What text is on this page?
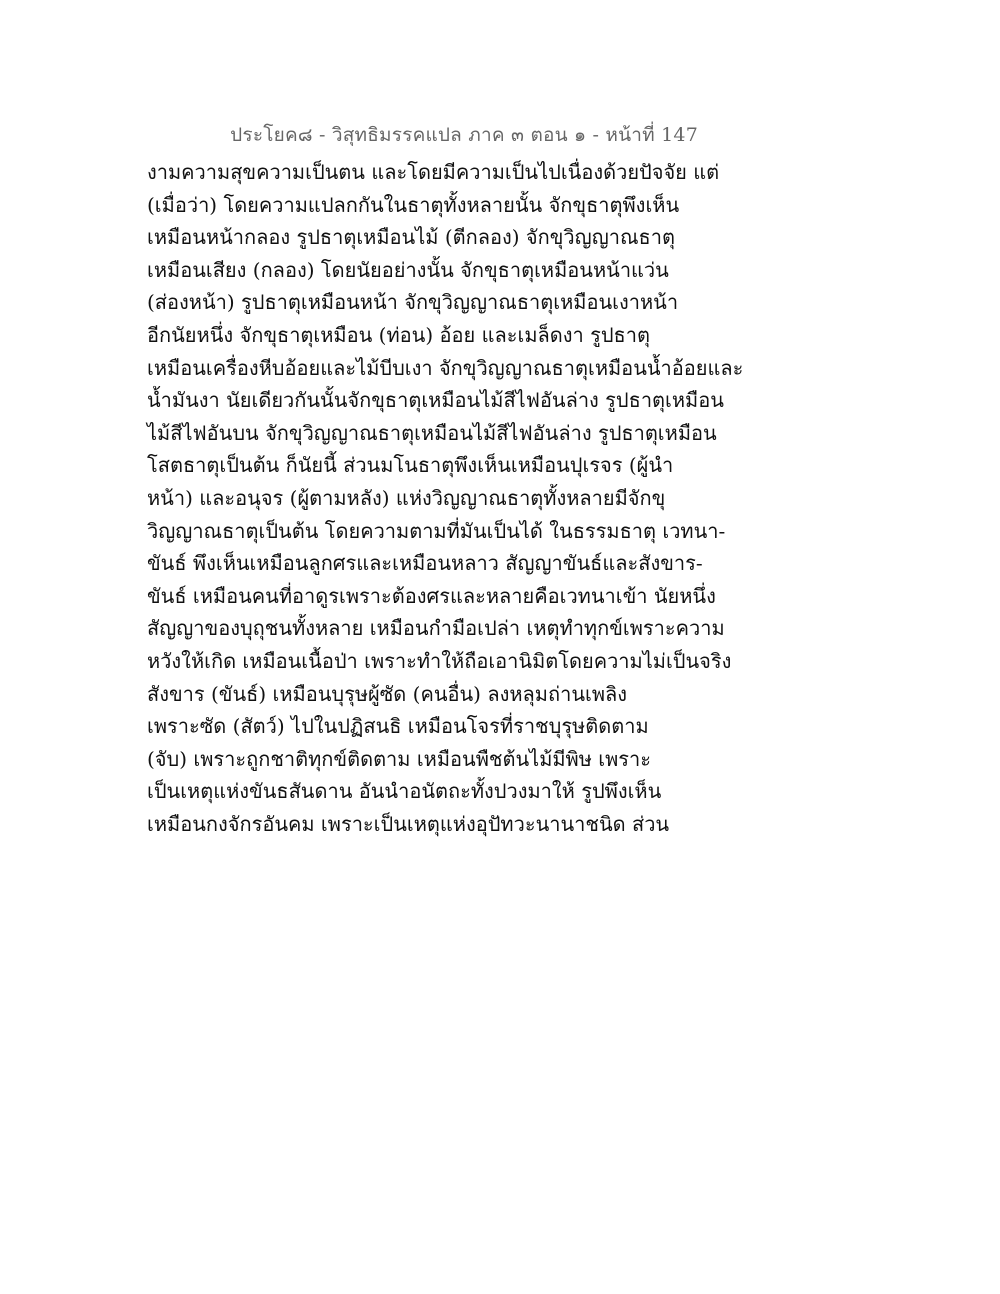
ประโยค๘ - วิสุทธิมรรคแปล ภาค ๓ ตอน ๑ - หน้าที่ 147
งามความสุขความเป็นตน และโดยมีความเป็นไปเนื่องด้วยปัจจัย แต่
(เมื่อว่า) โดยความแปลกกันในธาตุทั้งหลายนั้น จักขุธาตุพึงเห็น
เหมือนหน้ากลอง รูปธาตุเหมือนไม้ (ตีกลอง) จักขุวิญญาณธาตุ
เหมือนเสียง (กลอง) โดยนัยอย่างนั้น จักขุธาตุเหมือนหน้าแว่น
(ส่องหน้า) รูปธาตุเหมือนหน้า จักขุวิญญาณธาตุเหมือนเงาหน้า
อีกนัยหนึ่ง จักขุธาตุเหมือน (ท่อน) อ้อย และเมล็ดงา รูปธาตุ
เหมือนเครื่องหีบอ้อยและไม้บีบเงา จักขุวิญญาณธาตุเหมือนน้ำอ้อยและ
น้ำมันงา นัยเดียวกันนั้นจักขุธาตุเหมือนไม้สีไฟอันล่าง รูปธาตุเหมือน
ไม้สีไฟอันบน จักขุวิญญาณธาตุเหมือนไม้สีไฟอันล่าง รูปธาตุเหมือน
โสตธาตุเป็นต้น ก็นัยนี้ ส่วนมโนธาตุพึงเห็นเหมือนปุเรจร (ผู้นำ
หน้า) และอนุจร (ผู้ตามหลัง) แห่งวิญญาณธาตุทั้งหลายมีจักขุ
วิญญาณธาตุเป็นต้น โดยความตามที่มันเป็นได้ ในธรรมธาตุ เวทนา-
ขันธ์ พึงเห็นเหมือนลูกศรและเหมือนหลาว สัญญาขันธ์และสังขาร-
ขันธ์ เหมือนคนที่อาดูรเพราะต้องศรและหลายคือเวทนาเข้า นัยหนึ่ง
สัญญาของบุถุชนทั้งหลาย เหมือนกำมือเปล่า เหตุทำทุกข์เพราะความ
หวังให้เกิด เหมือนเนื้อป่า เพราะทำให้ถือเอานิมิตโดยความไม่เป็นจริง
สังขาร (ขันธ์) เหมือนบุรุษผู้ซัด (คนอื่น) ลงหลุมถ่านเพลิง
เพราะซัด (สัตว์) ไปในปฏิสนธิ เหมือนโจรที่ราชบุรุษติดตาม
(จับ) เพราะถูกชาติทุกข์ติดตาม เหมือนพืชต้นไม้มีพิษ เพราะ
เป็นเหตุแห่งขันธสันดาน อันนำอนัตถะทั้งปวงมาให้ รูปพึงเห็น
เหมือนกงจักรอันคม เพราะเป็นเหตุแห่งอุปัทวะนานาชนิด ส่วน
